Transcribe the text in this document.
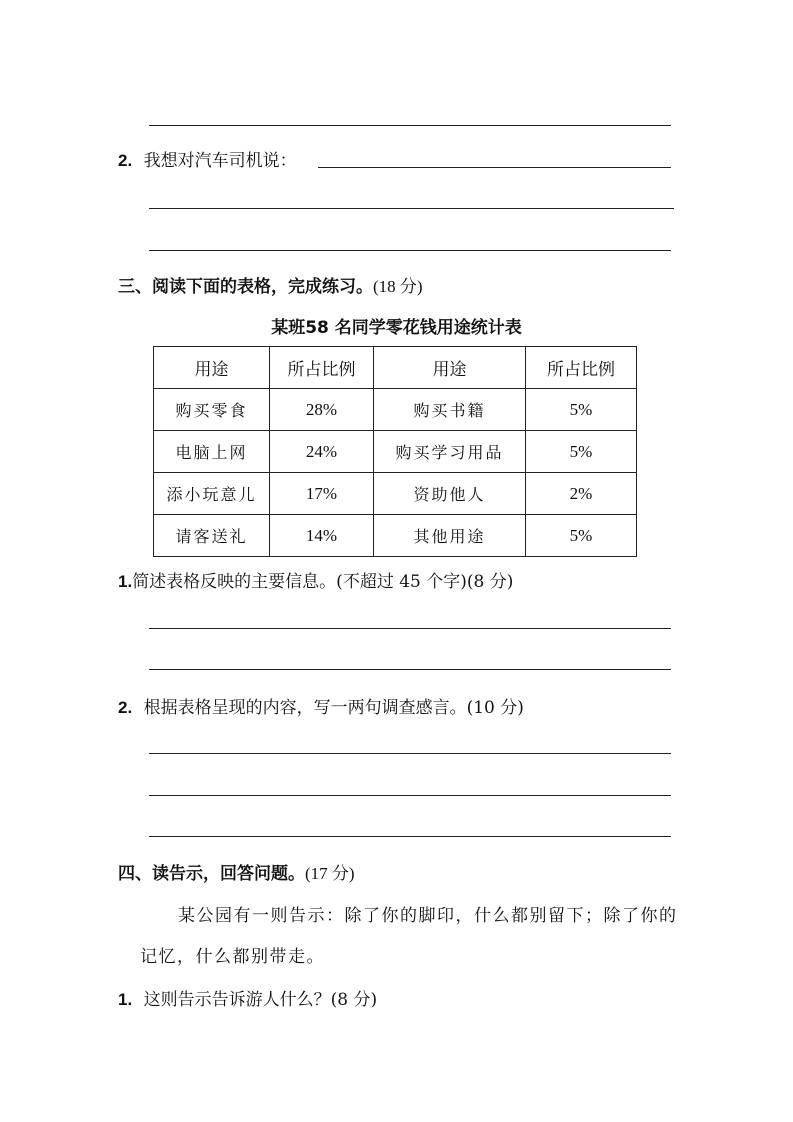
2. 我想对汽车司机说：
三、阅读下面的表格，完成练习。(18 分)
某班58 名同学零花钱用途统计表
用途	所占比例	用途	所占比例
购买零食	28%	购买书籍	5%
电脑上网	24%	购买学习用品	5%
添小玩意儿	17%	资助他人	2%
请客送礼	14%	其他用途	5%
1.简述表格反映的主要信息。(不超过 45 个字)(8 分)
2. 根据表格呈现的内容，写一两句调查感言。(10 分)
四、读告示，回答问题。(17 分)
某公园有一则告示：除了你的脚印，什么都别留下；除了你的
记忆，什么都别带走。
1. 这则告示告诉游人什么？(8 分)
